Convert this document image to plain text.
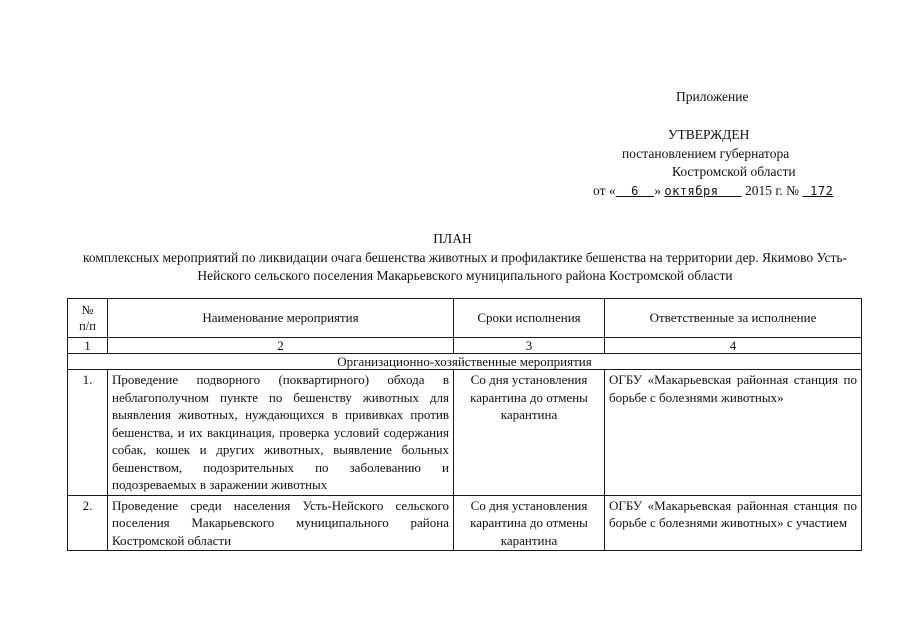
Приложение
УТВЕРЖДЕН
постановлением губернатора
Костромской области
от « 6 » октября 2015 г. № 172
ПЛАН
комплексных мероприятий по ликвидации очага бешенства животных и профилактике бешенства на территории дер. Якимово Усть-Нейского сельского поселения Макарьевского муниципального района Костромской области
№
п/п	Наименование мероприятия	Сроки исполнения	Ответственные за исполнение
1	2	3	4
Организационно-хозяйственные мероприятия			
1.	Проведение подворного (поквартирного) обхода в неблагополучном пункте по бешенству животных для выявления животных, нуждающихся в прививках против бешенства, и их вакцинация, проверка условий содержания собак, кошек и других животных, выявление больных бешенством, подозрительных по заболеванию и подозреваемых в заражении животных	Со дня установления карантина до отмены карантина	ОГБУ «Макарьевская районная станция по борьбе с болезнями животных»
2.	Проведение среди населения Усть-Нейского сельского поселения Макарьевского муниципального района Костромской области	Со дня установления карантина до отмены карантина	ОГБУ «Макарьевская районная станция по борьбе с болезнями животных» с участием
